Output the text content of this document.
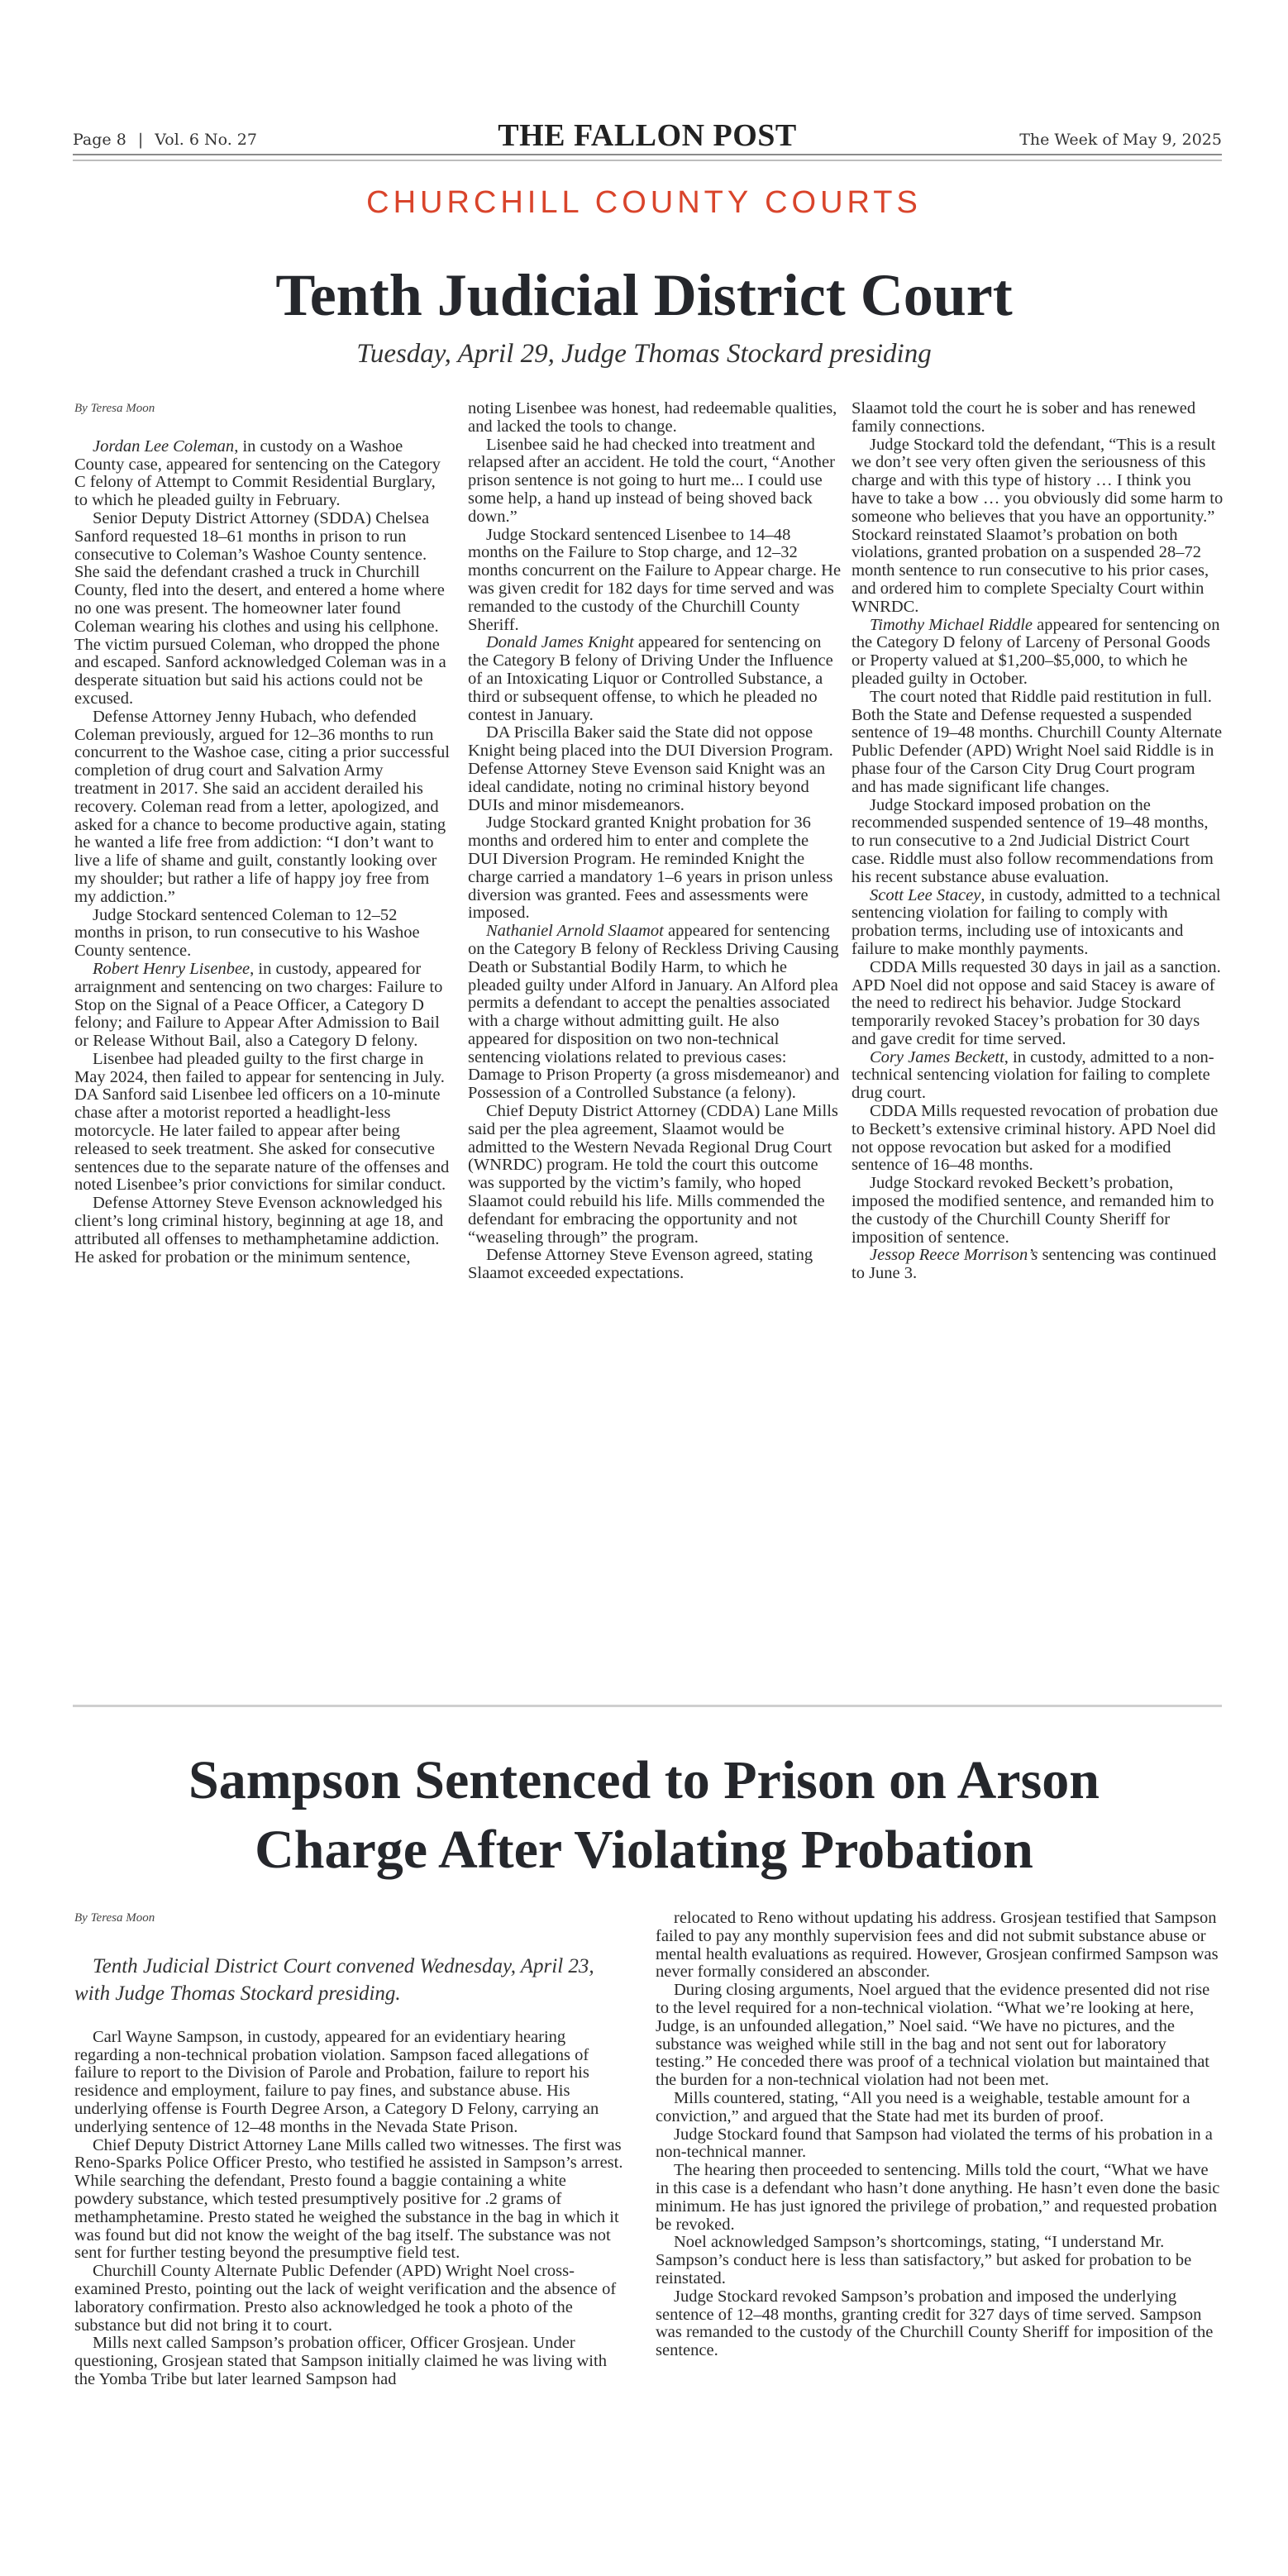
Page 8 | Vol. 6 No. 27	THE FALLON POST	The Week of May 9, 2025
CHURCHILL COUNTY COURTS
Tenth Judicial District Court
Tuesday, April 29, Judge Thomas Stockard presiding
By Teresa Moon

Jordan Lee Coleman, in custody on a Washoe County case, appeared for sentencing on the Category C felony of Attempt to Commit Residential Burglary, to which he pleaded guilty in February.

Senior Deputy District Attorney (SDDA) Chelsea Sanford requested 18–61 months in prison to run consecutive to Coleman’s Washoe County sentence. She said the defendant crashed a truck in Churchill County, fled into the desert, and entered a home where no one was present. The homeowner later found Coleman wearing his clothes and using his cellphone. The victim pursued Coleman, who dropped the phone and escaped. Sanford acknowledged Coleman was in a desperate situation but said his actions could not be excused.

Defense Attorney Jenny Hubach, who defended Coleman previously, argued for 12–36 months to run concurrent to the Washoe case, citing a prior successful completion of drug court and Salvation Army treatment in 2017. She said an accident derailed his recovery. Coleman read from a letter, apologized, and asked for a chance to become productive again, stating he wanted a life free from addiction: “I don’t want to live a life of shame and guilt, constantly looking over my shoulder; but rather a life of happy joy free from my addiction.”

Judge Stockard sentenced Coleman to 12–52 months in prison, to run consecutive to his Washoe County sentence.

Robert Henry Lisenbee, in custody, appeared for arraignment and sentencing on two charges: Failure to Stop on the Signal of a Peace Officer, a Category D felony; and Failure to Appear After Admission to Bail or Release Without Bail, also a Category D felony.

Lisenbee had pleaded guilty to the first charge in May 2024, then failed to appear for sentencing in July. DA Sanford said Lisenbee led officers on a 10-minute chase after a motorist reported a headlight-less motorcycle. He later failed to appear after being released to seek treatment. She asked for consecutive sentences due to the separate nature of the offenses and noted Lisenbee’s prior convictions for similar conduct.

Defense Attorney Steve Evenson acknowledged his client’s long criminal history, beginning at age 18, and attributed all offenses to methamphetamine addiction. He asked for probation or the minimum sentence,

noting Lisenbee was honest, had redeemable qualities, and lacked the tools to change.

Lisenbee said he had checked into treatment and relapsed after an accident. He told the court, “Another prison sentence is not going to hurt me... I could use some help, a hand up instead of being shoved back down.”

Judge Stockard sentenced Lisenbee to 14–48 months on the Failure to Stop charge, and 12–32 months concurrent on the Failure to Appear charge. He was given credit for 182 days for time served and was remanded to the custody of the Churchill County Sheriff.

Donald James Knight appeared for sentencing on the Category B felony of Driving Under the Influence of an Intoxicating Liquor or Controlled Substance, a third or subsequent offense, to which he pleaded no contest in January.

DA Priscilla Baker said the State did not oppose Knight being placed into the DUI Diversion Program. Defense Attorney Steve Evenson said Knight was an ideal candidate, noting no criminal history beyond DUIs and minor misdemeanors.

Judge Stockard granted Knight probation for 36 months and ordered him to enter and complete the DUI Diversion Program. He reminded Knight the charge carried a mandatory 1–6 years in prison unless diversion was granted. Fees and assessments were imposed.

Nathaniel Arnold Slaamot appeared for sentencing on the Category B felony of Reckless Driving Causing Death or Substantial Bodily Harm, to which he pleaded guilty under Alford in January. An Alford plea permits a defendant to accept the penalties associated with a charge without admitting guilt. He also appeared for disposition on two non-technical sentencing violations related to previous cases: Damage to Prison Property (a gross misdemeanor) and Possession of a Controlled Substance (a felony).

Chief Deputy District Attorney (CDDA) Lane Mills said per the plea agreement, Slaamot would be admitted to the Western Nevada Regional Drug Court (WNRDC) program. He told the court this outcome was supported by the victim’s family, who hoped Slaamot could rebuild his life. Mills commended the defendant for embracing the opportunity and not “weaseling through” the program.

Defense Attorney Steve Evenson agreed, stating Slaamot exceeded expectations.

Slaamot told the court he is sober and has renewed family connections.

Judge Stockard told the defendant, “This is a result we don’t see very often given the seriousness of this charge and with this type of history … I think you have to take a bow … you obviously did some harm to someone who believes that you have an opportunity.” Stockard reinstated Slaamot’s probation on both violations, granted probation on a suspended 28–72 month sentence to run consecutive to his prior cases, and ordered him to complete Specialty Court within WNRDC.

Timothy Michael Riddle appeared for sentencing on the Category D felony of Larceny of Personal Goods or Property valued at $1,200–$5,000, to which he pleaded guilty in October.

The court noted that Riddle paid restitution in full. Both the State and Defense requested a suspended sentence of 19–48 months. Churchill County Alternate Public Defender (APD) Wright Noel said Riddle is in phase four of the Carson City Drug Court program and has made significant life changes.

Judge Stockard imposed probation on the recommended suspended sentence of 19–48 months, to run consecutive to a 2nd Judicial District Court case. Riddle must also follow recommendations from his recent substance abuse evaluation.

Scott Lee Stacey, in custody, admitted to a technical sentencing violation for failing to comply with probation terms, including use of intoxicants and failure to make monthly payments.

CDDA Mills requested 30 days in jail as a sanction. APD Noel did not oppose and said Stacey is aware of the need to redirect his behavior. Judge Stockard temporarily revoked Stacey’s probation for 30 days and gave credit for time served.

Cory James Beckett, in custody, admitted to a non-technical sentencing violation for failing to complete drug court.

CDDA Mills requested revocation of probation due to Beckett’s extensive criminal history. APD Noel did not oppose revocation but asked for a modified sentence of 16–48 months.

Judge Stockard revoked Beckett’s probation, imposed the modified sentence, and remanded him to the custody of the Churchill County Sheriff for imposition of sentence.

Jessop Reece Morrison’s sentencing was continued to June 3.

Sampson Sentenced to Prison on Arson
Charge After Violating Probation
By Teresa Moon

Tenth Judicial District Court convened Wednesday, April 23, with Judge Thomas Stockard presiding.

Carl Wayne Sampson, in custody, appeared for an evidentiary hearing regarding a non-technical probation violation. Sampson faced allegations of failure to report to the Division of Parole and Probation, failure to report his residence and employment, failure to pay fines, and substance abuse. His underlying offense is Fourth Degree Arson, a Category D Felony, carrying an underlying sentence of 12–48 months in the Nevada State Prison.

Chief Deputy District Attorney Lane Mills called two witnesses. The first was Reno-Sparks Police Officer Presto, who testified he assisted in Sampson’s arrest. While searching the defendant, Presto found a baggie containing a white powdery substance, which tested presumptively positive for .2 grams of methamphetamine. Presto stated he weighed the substance in the bag in which it was found but did not know the weight of the bag itself. The substance was not sent for further testing beyond the presumptive field test.

Churchill County Alternate Public Defender (APD) Wright Noel cross-examined Presto, pointing out the lack of weight verification and the absence of laboratory confirmation. Presto also acknowledged he took a photo of the substance but did not bring it to court.

Mills next called Sampson’s probation officer, Officer Grosjean. Under questioning, Grosjean stated that Sampson initially claimed he was living with the Yomba Tribe but later learned Sampson had

relocated to Reno without updating his address. Grosjean testified that Sampson failed to pay any monthly supervision fees and did not submit substance abuse or mental health evaluations as required. However, Grosjean confirmed Sampson was never formally considered an absconder.

During closing arguments, Noel argued that the evidence presented did not rise to the level required for a non-technical violation. “What we’re looking at here, Judge, is an unfounded allegation,” Noel said. “We have no pictures, and the substance was weighed while still in the bag and not sent out for laboratory testing.” He conceded there was proof of a technical violation but maintained that the burden for a non-technical violation had not been met.

Mills countered, stating, “All you need is a weighable, testable amount for a conviction,” and argued that the State had met its burden of proof.

Judge Stockard found that Sampson had violated the terms of his probation in a non-technical manner.

The hearing then proceeded to sentencing. Mills told the court, “What we have in this case is a defendant who hasn’t done anything. He hasn’t even done the basic minimum. He has just ignored the privilege of probation,” and requested probation be revoked.

Noel acknowledged Sampson’s shortcomings, stating, “I understand Mr. Sampson’s conduct here is less than satisfactory,” but asked for probation to be reinstated.

Judge Stockard revoked Sampson’s probation and imposed the underlying sentence of 12–48 months, granting credit for 327 days of time served. Sampson was remanded to the custody of the Churchill County Sheriff for imposition of the sentence.
